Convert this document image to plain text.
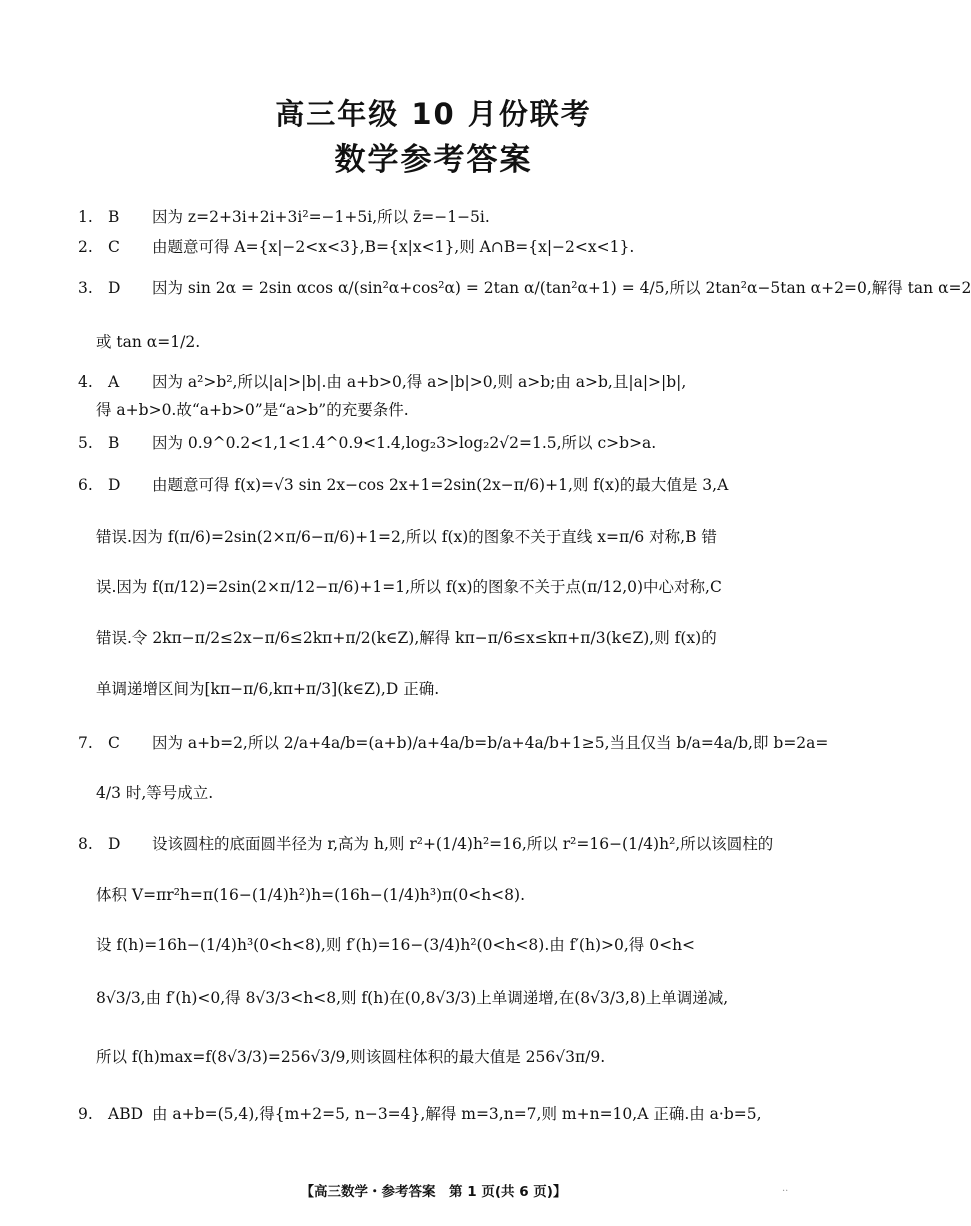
高三年级 10 月份联考
数学参考答案
1. B 因为 z=2+3i+2i+3i²=−1+5i,所以 z̄=−1−5i.
2. C 由题意可得 A={x|−2<x<3},B={x|x<1},则 A∩B={x|−2<x<1}.
3. D 因为 sin 2α = 2sin αcos α/(sin²α+cos²α) = 2tan α/(tan²α+1) = 4/5,所以 2tan²α−5tan α+2=0,解得 tan α=2
或 tan α=1/2.
4. A 因为 a²>b²,所以|a|>|b|.由 a+b>0,得 a>|b|>0,则 a>b;由 a>b,且|a|>|b|,
得 a+b>0.故“a+b>0”是“a>b”的充要条件.
5. B 因为 0.9^0.2<1,1<1.4^0.9<1.4,log₂3>log₂2√2=1.5,所以 c>b>a.
6. D 由题意可得 f(x)=√3 sin 2x−cos 2x+1=2sin(2x−π/6)+1,则 f(x)的最大值是 3,A
错误.因为 f(π/6)=2sin(2×π/6−π/6)+1=2,所以 f(x)的图象不关于直线 x=π/6 对称,B 错
误.因为 f(π/12)=2sin(2×π/12−π/6)+1=1,所以 f(x)的图象不关于点(π/12,0)中心对称,C
错误.令 2kπ−π/2≤2x−π/6≤2kπ+π/2(k∈Z),解得 kπ−π/6≤x≤kπ+π/3(k∈Z),则 f(x)的
单调递增区间为[kπ−π/6,kπ+π/3](k∈Z),D 正确.
7. C 因为 a+b=2,所以 2/a+4a/b=(a+b)/a+4a/b=b/a+4a/b+1≥5,当且仅当 b/a=4a/b,即 b=2a=
4/3 时,等号成立.
8. D 设该圆柱的底面圆半径为 r,高为 h,则 r²+(1/4)h²=16,所以 r²=16−(1/4)h²,所以该圆柱的
体积 V=πr²h=π(16−(1/4)h²)h=(16h−(1/4)h³)π(0<h<8).
设 f(h)=16h−(1/4)h³(0<h<8),则 f′(h)=16−(3/4)h²(0<h<8).由 f′(h)>0,得 0<h<
8√3/3,由 f′(h)<0,得 8√3/3<h<8,则 f(h)在(0,8√3/3)上单调递增,在(8√3/3,8)上单调递减,
所以 f(h)max=f(8√3/3)=256√3/9,则该圆柱体积的最大值是 256√3π/9.
9. ABD 由 a+b=(5,4),得{m+2=5, n−3=4},解得 m=3,n=7,则 m+n=10,A 正确.由 a·b=5,
【高三数学・参考答案　第 1 页(共 6 页)】	··
